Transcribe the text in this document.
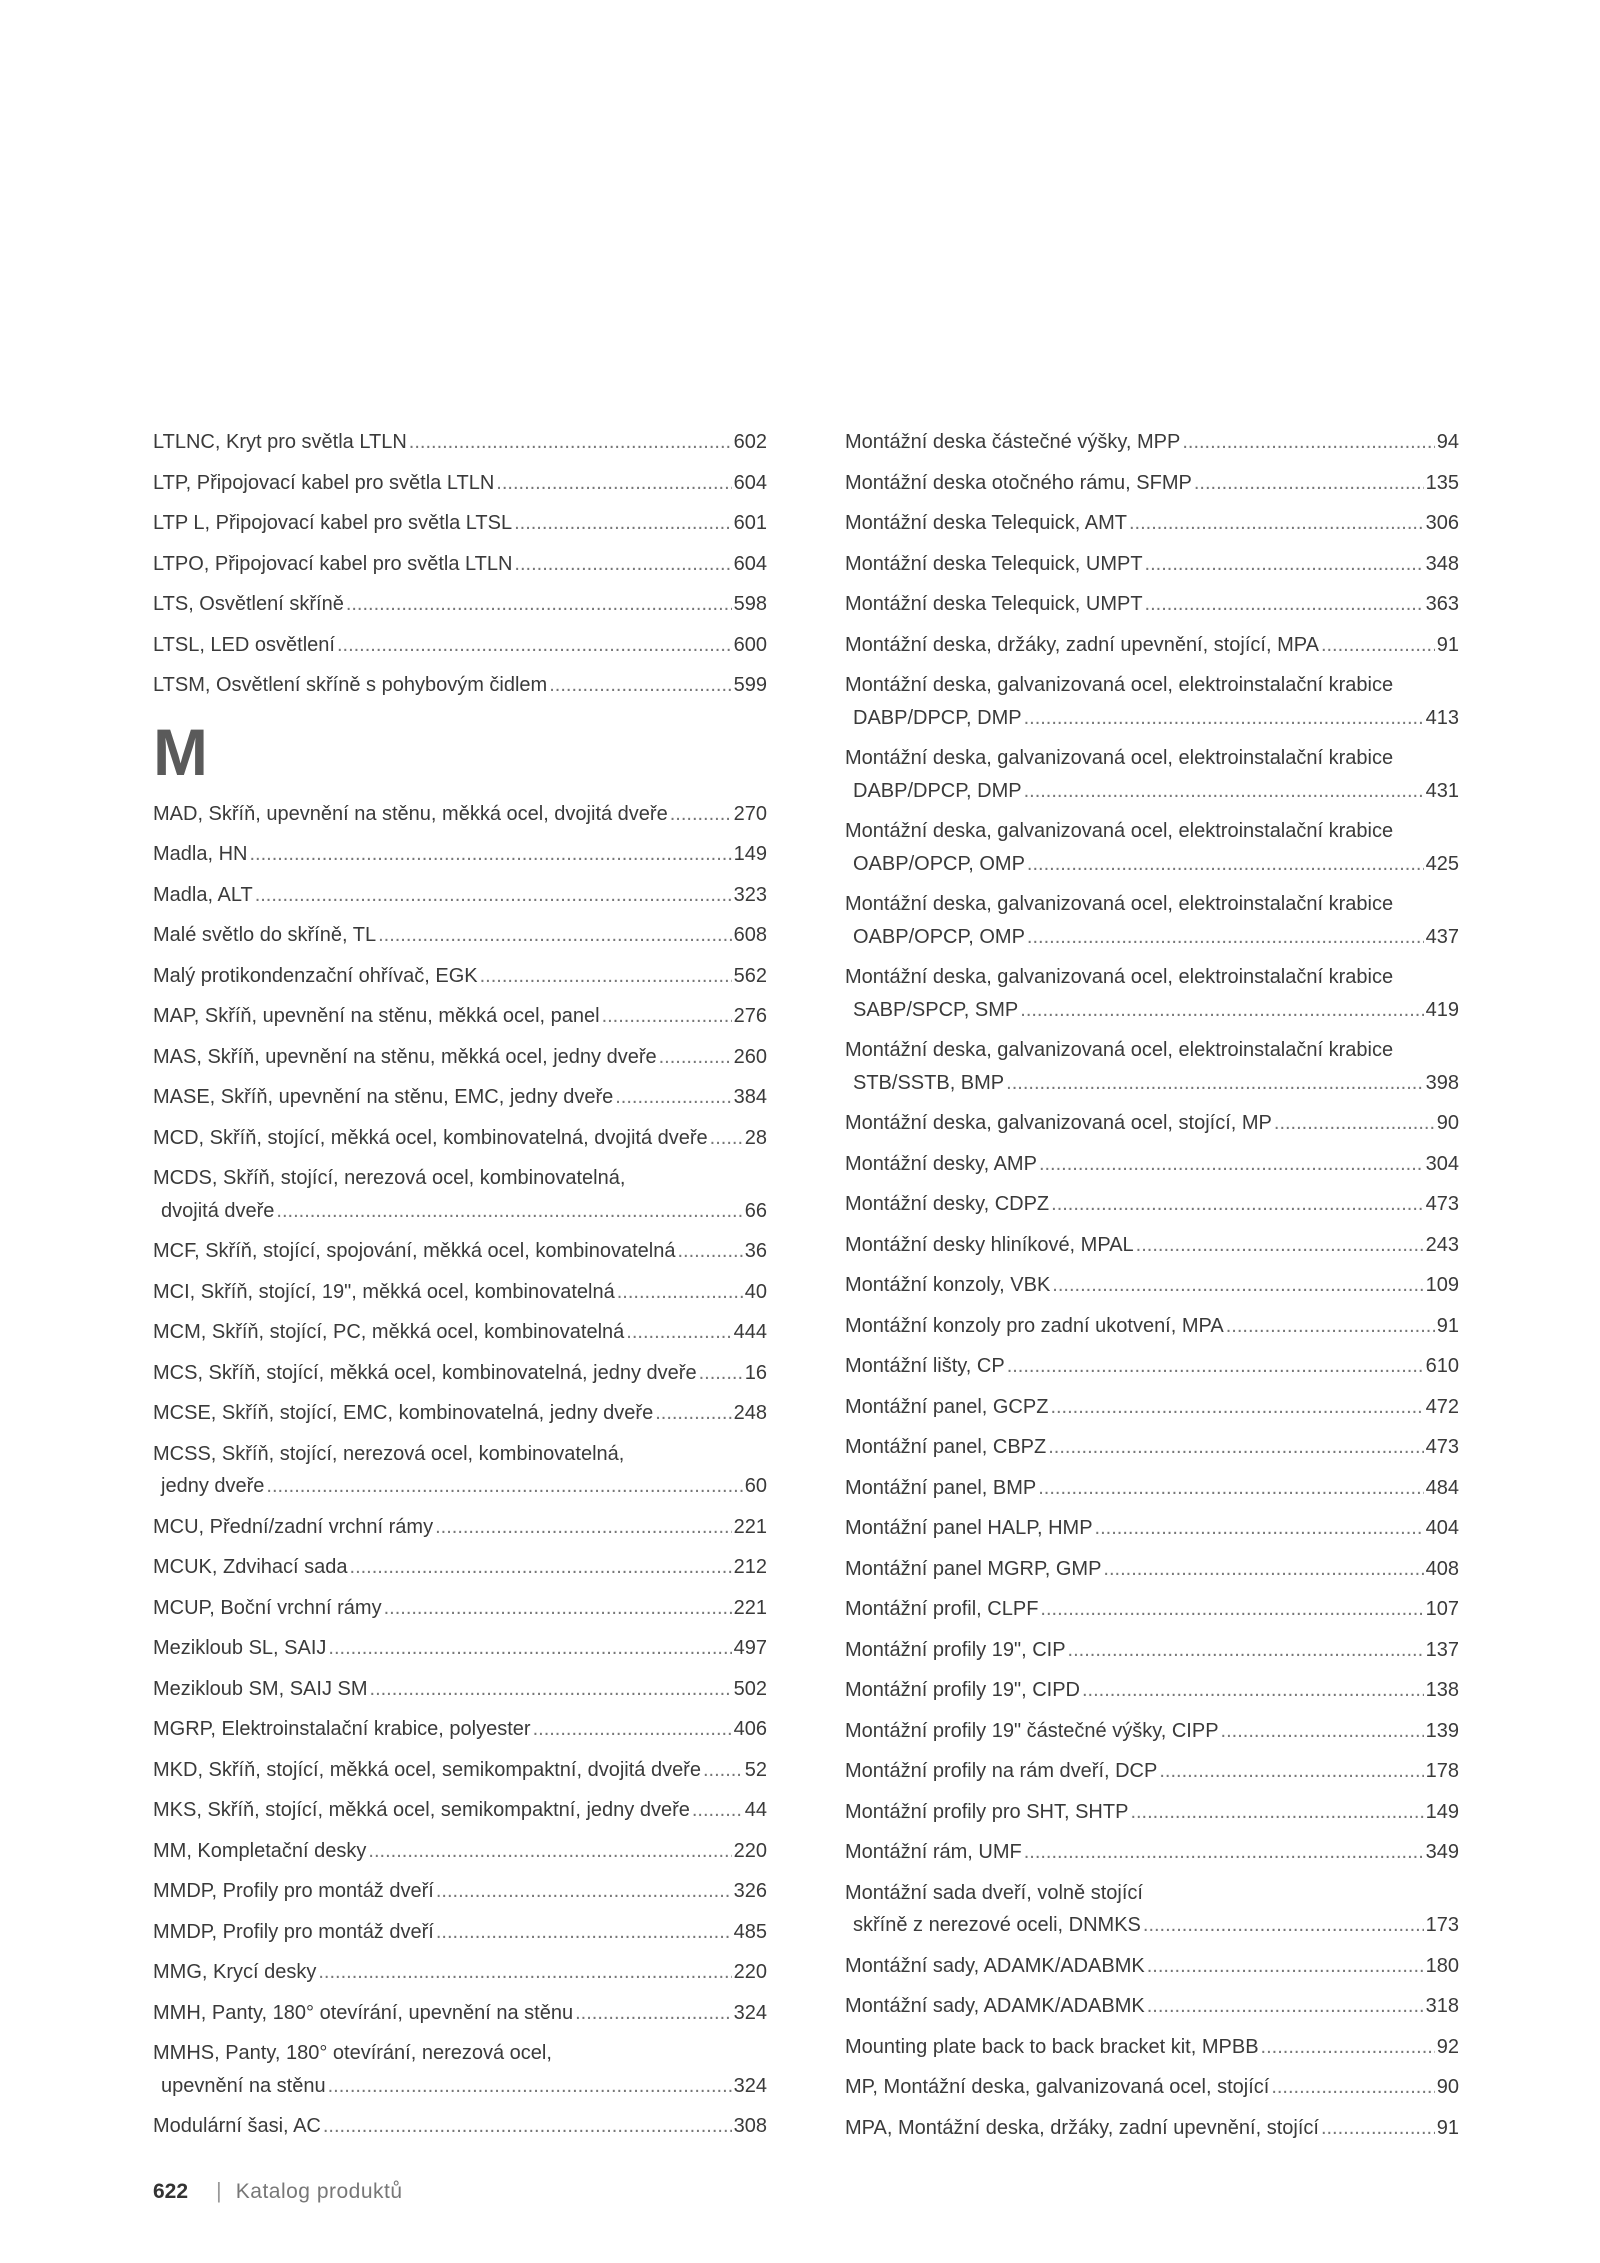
LTLNC, Kryt pro světla LTLN .....	602
LTP, Připojovací kabel pro světla LTLN .....	604
LTP L, Připojovací kabel pro světla LTSL .....	601
LTPO, Připojovací kabel pro světla LTLN .....	604
LTS, Osvětlení skříně .....	598
LTSL, LED osvětlení .....	600
LTSM, Osvětlení skříně s pohybovým čidlem .....	599
M
MAD, Skříň, upevnění na stěnu, měkká ocel, dvojitá dveře .....	270
Madla, HN .....	149
Madla, ALT .....	323
Malé světlo do skříně, TL .....	608
Malý protikondenzační ohřívač, EGK .....	562
MAP, Skříň, upevnění na stěnu, měkká ocel, panel .....	276
MAS, Skříň, upevnění na stěnu, měkká ocel, jedny dveře .....	260
MASE, Skříň, upevnění na stěnu, EMC, jedny dveře .....	384
MCD, Skříň, stojící, měkká ocel, kombinovatelná, dvojitá dveře ..... 28
MCDS, Skříň, stojící, nerezová ocel, kombinovatelná,
dvojitá dveře .....	66
MCF, Skříň, stojící, spojování, měkká ocel, kombinovatelná .....	36
MCI, Skříň, stojící, 19", měkká ocel, kombinovatelná .....	40
MCM, Skříň, stojící, PC, měkká ocel, kombinovatelná .....	444
MCS, Skříň, stojící, měkká ocel, kombinovatelná, jedny dveře ..... 16
MCSE, Skříň, stojící, EMC, kombinovatelná, jedny dveře .....	248
MCSS, Skříň, stojící, nerezová ocel, kombinovatelná,
jedny dveře .....	60
MCU, Přední/zadní vrchní rámy .....	221
MCUK, Zdvihací sada .....	212
MCUP, Boční vrchní rámy .....	221
Mezikloub SL, SAIJ .....	497
Mezikloub SM, SAIJ SM .....	502
MGRP, Elektroinstalační krabice, polyester .....	406
MKD, Skříň, stojící, měkká ocel, semikompaktní, dvojitá dveře ..... 52
MKS, Skříň, stojící, měkká ocel, semikompaktní, jedny dveře .....	44
MM, Kompletační desky .....	220
MMDP, Profily pro montáž dveří .....	326
MMDP, Profily pro montáž dveří .....	485
MMG, Krycí desky .....	220
MMH, Panty, 180° otevírání, upevnění na stěnu .....	324
MMHS, Panty, 180° otevírání, nerezová ocel,
upevnění na stěnu .....	324
Modulární šasi, AC .....	308
Montážní deska částečné výšky, MPP .....	94
Montážní deska otočného rámu, SFMP .....	135
Montážní deska Telequick, AMT .....	306
Montážní deska Telequick, UMPT .....	348
Montážní deska Telequick, UMPT .....	363
Montážní deska, držáky, zadní upevnění, stojící, MPA .....	91
Montážní deska, galvanizovaná ocel, elektroinstalační krabice
DABP/DPCP, DMP .....	413
Montážní deska, galvanizovaná ocel, elektroinstalační krabice
DABP/DPCP, DMP .....	431
Montážní deska, galvanizovaná ocel, elektroinstalační krabice
OABP/OPCP, OMP .....	425
Montážní deska, galvanizovaná ocel, elektroinstalační krabice
OABP/OPCP, OMP .....	437
Montážní deska, galvanizovaná ocel, elektroinstalační krabice
SABP/SPCP, SMP .....	419
Montážní deska, galvanizovaná ocel, elektroinstalační krabice
STB/SSTB, BMP .....	398
Montážní deska, galvanizovaná ocel, stojící, MP .....	90
Montážní desky, AMP .....	304
Montážní desky, CDPZ .....	473
Montážní desky hliníkové, MPAL .....	243
Montážní konzoly, VBK .....	109
Montážní konzoly pro zadní ukotvení, MPA .....	91
Montážní lišty, CP .....	610
Montážní panel, GCPZ .....	472
Montážní panel, CBPZ .....	473
Montážní panel, BMP .....	484
Montážní panel HALP, HMP .....	404
Montážní panel MGRP, GMP .....	408
Montážní profil, CLPF .....	107
Montážní profily 19", CIP .....	137
Montážní profily 19", CIPD .....	138
Montážní profily 19" částečné výšky, CIPP .....	139
Montážní profily na rám dveří, DCP .....	178
Montážní profily pro SHT, SHTP .....	149
Montážní rám, UMF .....	349
Montážní sada dveří, volně stojící
skříně z nerezové oceli, DNMKS .....	173
Montážní sady, ADAMK/ADABMK .....	180
Montážní sady, ADAMK/ADABMK .....	318
Mounting plate back to back bracket kit, MPBB .....	92
MP, Montážní deska, galvanizovaná ocel, stojící .....	90
MPA, Montážní deska, držáky, zadní upevnění, stojící .....	91
622 | Katalog produktů
